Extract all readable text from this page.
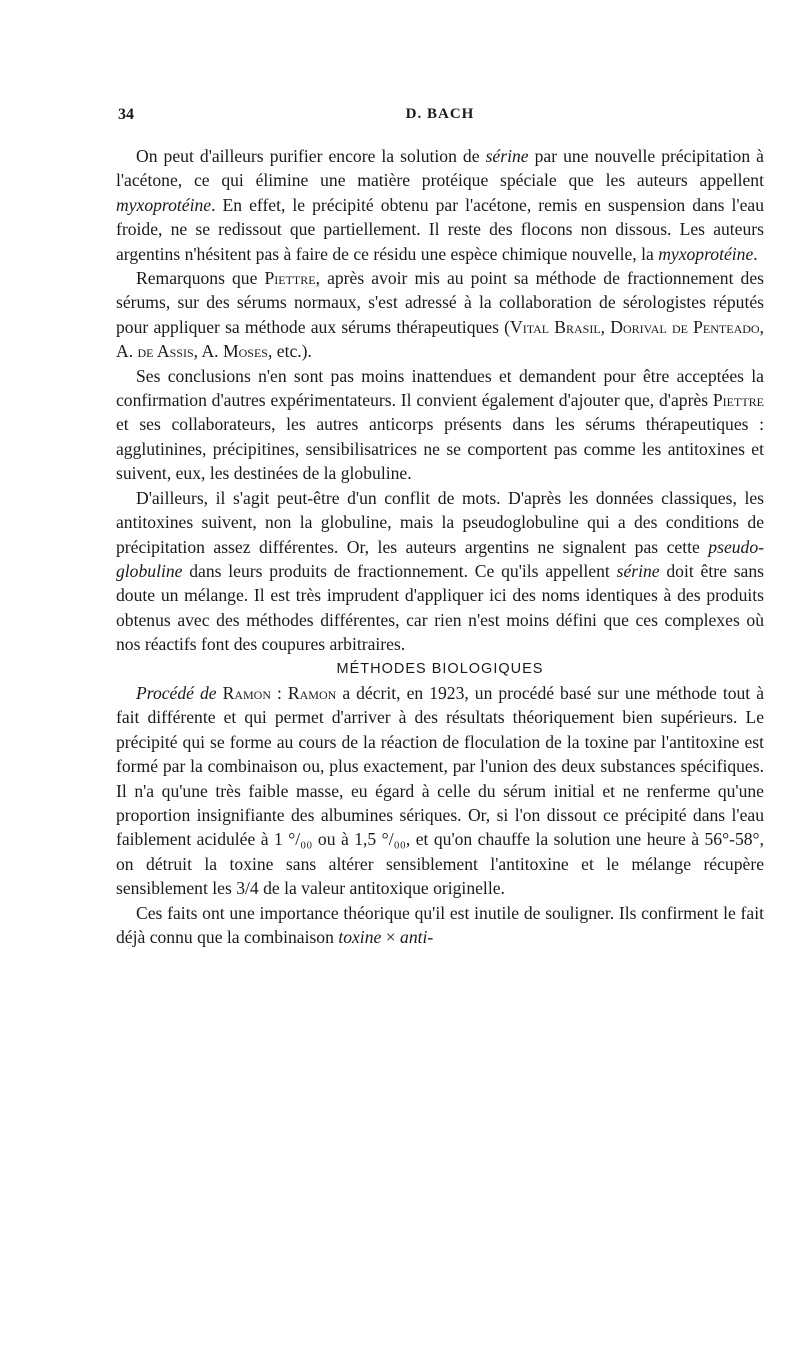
34	D. BACH

On peut d'ailleurs purifier encore la solution de sérine par une nouvelle précipitation à l'acétone, ce qui élimine une matière protéique spéciale que les auteurs appellent myxoprotéine. En effet, le précipité obtenu par l'acétone, remis en suspension dans l'eau froide, ne se redissout que partiellement. Il reste des flocons non dissous. Les auteurs argentins n'hésitent pas à faire de ce résidu une espèce chimique nouvelle, la myxoprotéine.

Remarquons que Piettre, après avoir mis au point sa méthode de fractionnement des sérums, sur des sérums normaux, s'est adressé à la collaboration de sérologistes réputés pour appliquer sa méthode aux sérums thérapeutiques (Vital Brasil, Dorival de Penteado, A. de Assis, A. Moses, etc.).

Ses conclusions n'en sont pas moins inattendues et demandent pour être acceptées la confirmation d'autres expérimentateurs. Il convient également d'ajouter que, d'après Piettre et ses collaborateurs, les autres anticorps présents dans les sérums thérapeutiques : agglutinines, précipitines, sensibilisatrices ne se comportent pas comme les antitoxines et suivent, eux, les destinées de la globuline.

D'ailleurs, il s'agit peut-être d'un conflit de mots. D'après les données classiques, les antitoxines suivent, non la globuline, mais la pseudoglobuline qui a des conditions de précipitation assez différentes. Or, les auteurs argentins ne signalent pas cette pseudo-globuline dans leurs produits de fractionnement. Ce qu'ils appellent sérine doit être sans doute un mélange. Il est très imprudent d'appliquer ici des noms identiques à des produits obtenus avec des méthodes différentes, car rien n'est moins défini que ces complexes où nos réactifs font des coupures arbitraires.

MÉTHODES BIOLOGIQUES

Procédé de Ramon : Ramon a décrit, en 1923, un procédé basé sur une méthode tout à fait différente et qui permet d'arriver à des résultats théoriquement bien supérieurs. Le précipité qui se forme au cours de la réaction de floculation de la toxine par l'antitoxine est formé par la combinaison ou, plus exactement, par l'union des deux substances spécifiques. Il n'a qu'une très faible masse, eu égard à celle du sérum initial et ne renferme qu'une proportion insignifiante des albumines sériques. Or, si l'on dissout ce précipité dans l'eau faiblement acidulée à 1 °/₀₀ ou à 1,5 °/₀₀, et qu'on chauffe la solution une heure à 56°-58°, on détruit la toxine sans altérer sensiblement l'antitoxine et le mélange récupère sensiblement les 3/4 de la valeur antitoxique originelle.

Ces faits ont une importance théorique qu'il est inutile de souligner. Ils confirment le fait déjà connu que la combinaison toxine × anti-
